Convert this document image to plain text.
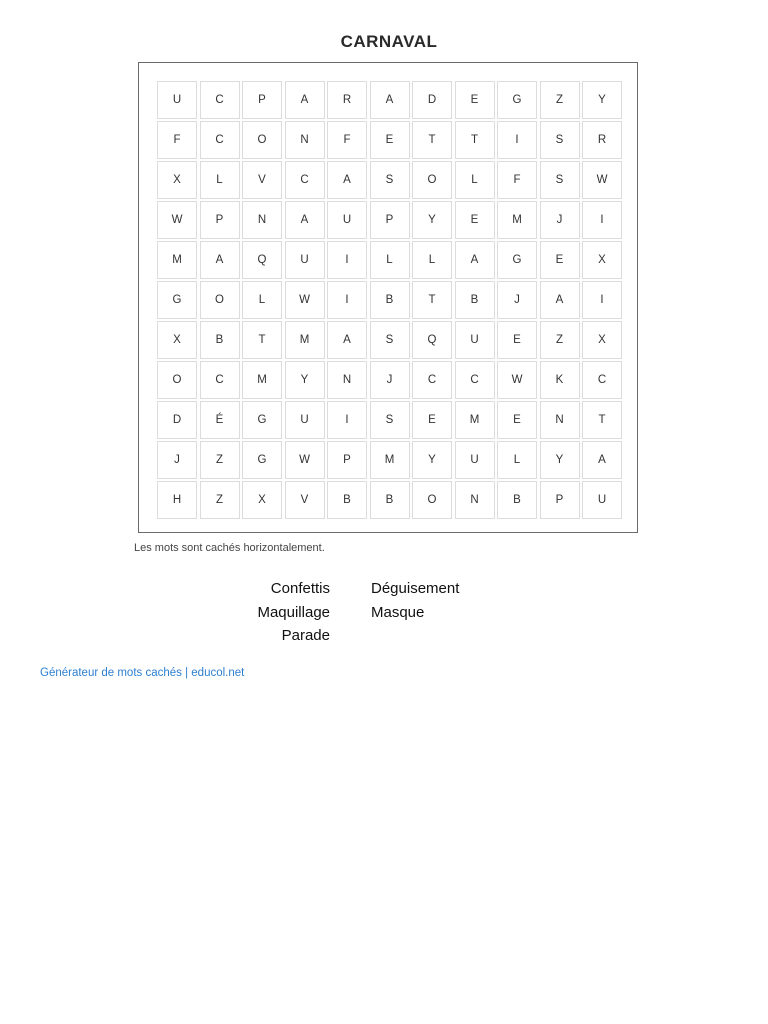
CARNAVAL
U	C	P	A	R	A	D	E	G	Z	Y
F	C	O	N	F	E	T	T	I	S	R
X	L	V	C	A	S	O	L	F	S	W
W	P	N	A	U	P	Y	E	M	J	I
M	A	Q	U	I	L	L	A	G	E	X
G	O	L	W	I	B	T	B	J	A	I
X	B	T	M	A	S	Q	U	E	Z	X
O	C	M	Y	N	J	C	C	W	K	C
D	É	G	U	I	S	E	M	E	N	T
J	Z	G	W	P	M	Y	U	L	Y	A
H	Z	X	V	B	B	O	N	B	P	U
Les mots sont cachés horizontalement.
Confettis
Maquillage
Parade
Déguisement
Masque
Générateur de mots cachés | educol.net
